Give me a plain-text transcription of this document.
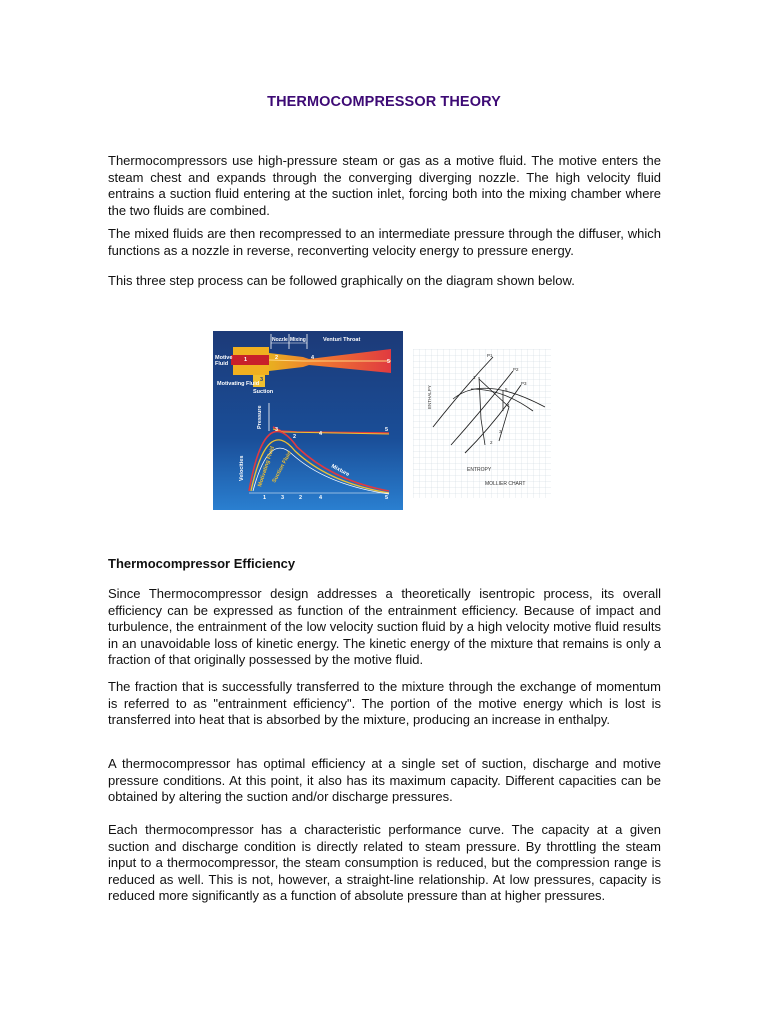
THERMOCOMPRESSOR THEORY

Thermocompressors use high-pressure steam or gas as a motive fluid. The motive enters the steam chest and expands through the converging diverging nozzle. The high velocity fluid entrains a suction fluid entering at the suction inlet, forcing both into the mixing chamber where the two fluids are combined.

The mixed fluids are then recompressed to an intermediate pressure through the diffuser, which functions as a nozzle in reverse, reconverting velocity energy to pressure energy.

This three step process can be followed graphically on the diagram shown below.

Nozzle Mixing	Venturi Throat
Motive Fluid
Motivating Fluid
Suction
Pressure
Velocities Motivating Fluid
Suction Fluid	Mixture
1	4
5
2
3
3
2	4
5
1	3	2	4	5
ENTHALPY
ENTROPY
MOLLIER CHART
P1
P2
P3
1
2
3
4
5
Thermocompressor Efficiency

Since Thermocompressor design addresses a theoretically isentropic process, its overall efficiency can be expressed as function of the entrainment efficiency. Because of impact and turbulence, the entrainment of the low velocity suction fluid by a high velocity motive fluid results in an unavoidable loss of kinetic energy. The kinetic energy of the mixture that remains is only a fraction of that originally possessed by the motive fluid.

The fraction that is successfully transferred to the mixture through the exchange of momentum is referred to as "entrainment efficiency". The portion of the motive energy which is lost is transferred into heat that is absorbed by the mixture, producing an increase in enthalpy.

A thermocompressor has optimal efficiency at a single set of suction, discharge and motive pressure conditions. At this point, it also has its maximum capacity. Different capacities can be obtained by altering the suction and/or discharge pressures.

Each thermocompressor has a characteristic performance curve. The capacity at a given suction and discharge condition is directly related to steam pressure. By throttling the steam input to a thermocompressor, the steam consumption is reduced, but the compression range is reduced as well. This is not, however, a straight-line relationship. At low pressures, capacity is reduced more significantly as a function of absolute pressure than at higher pressures.
